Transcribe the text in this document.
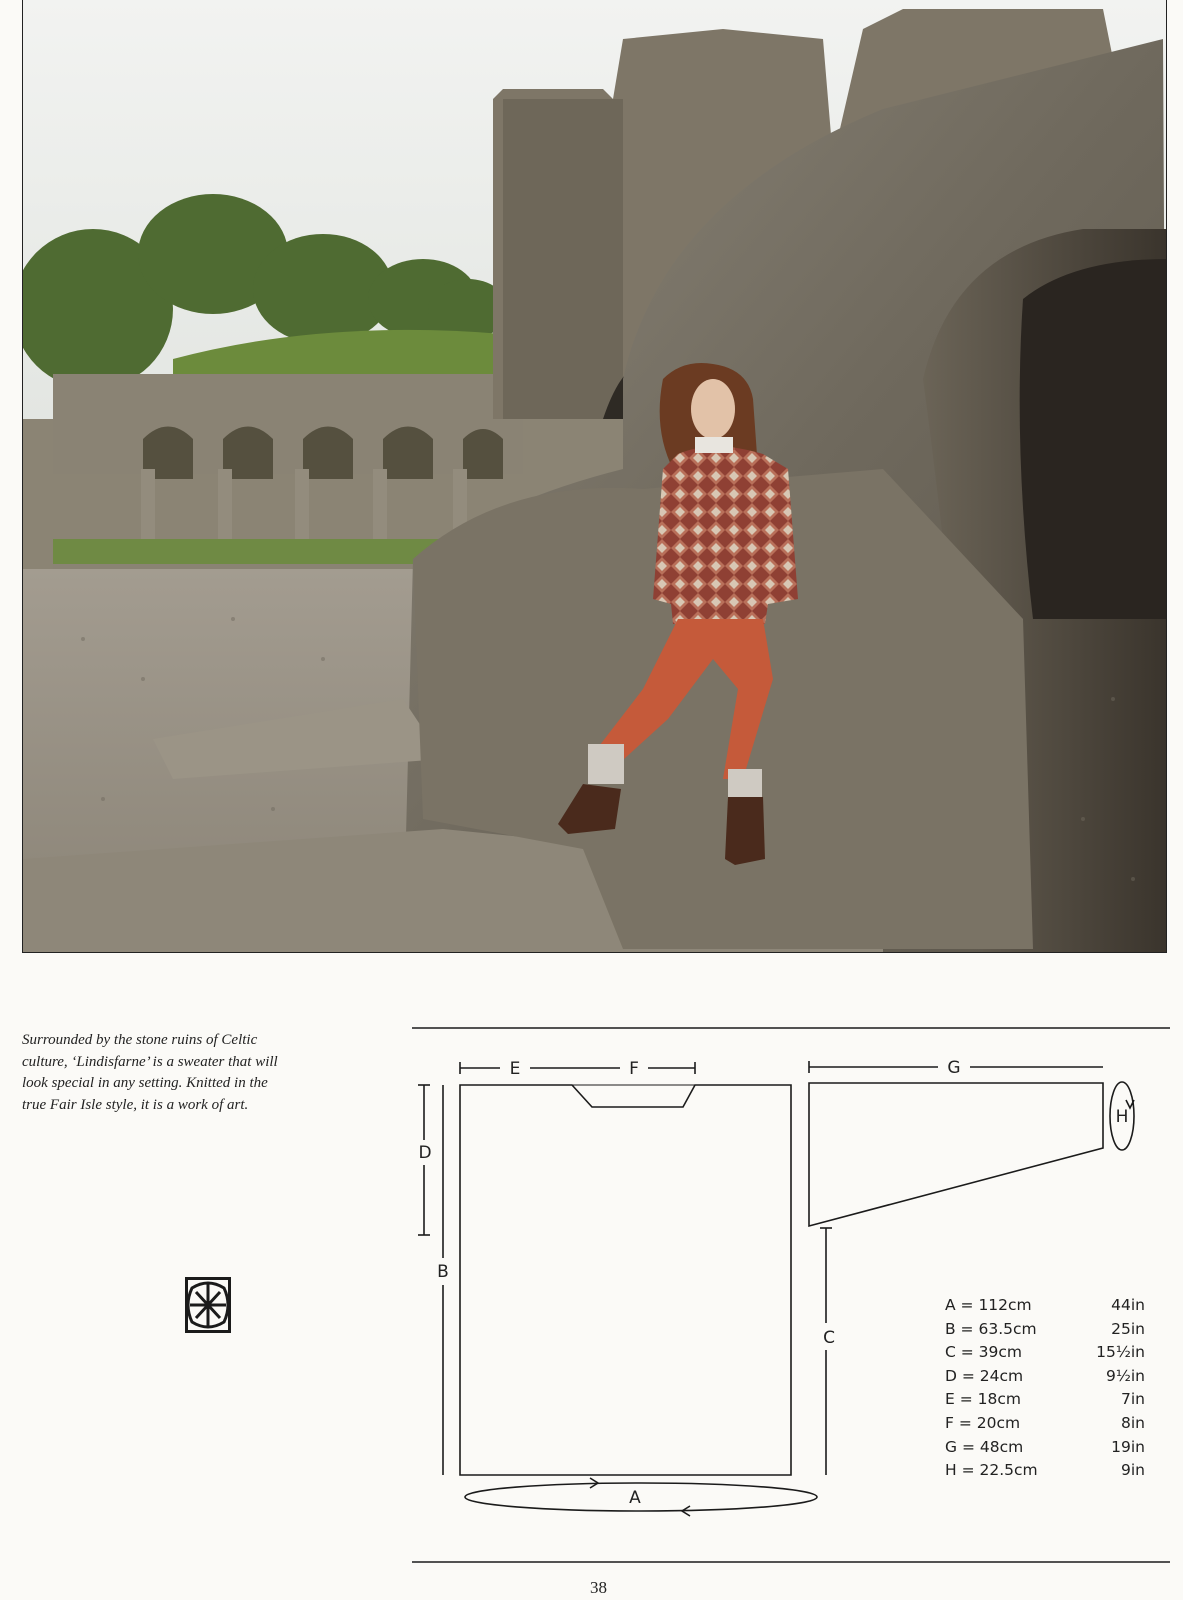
Surrounded by the stone ruins of Celtic
culture, ‘Lindisfarne’ is a sweater that will
look special in any setting. Knitted in the
true Fair Isle style, it is a work of art.
E	F	G
H
D
B
C
A
A = 112cm	44in
B = 63.5cm	25in
C = 39cm	15½in
D = 24cm	9½in
E = 18cm	7in
F = 20cm	8in
G = 48cm	19in
H = 22.5cm	9in
38
